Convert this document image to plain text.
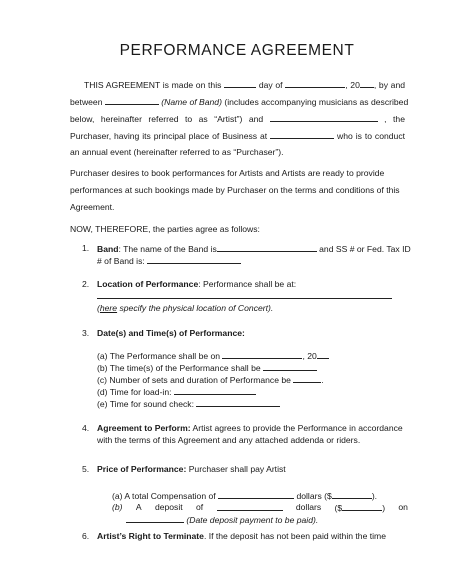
PERFORMANCE AGREEMENT
THIS AGREEMENT is made on this	day of	, 20 , by and
between	(Name of Band) (includes accompanying musicians as described
below, hereinafter referred to as “Artist”) and	, the
Purchaser, having its principal place of Business at	who is to conduct
an annual event (hereinafter referred to as “Purchaser”).
Purchaser desires to book performances for Artists and Artists are ready to provide
performances at such bookings made by Purchaser on the terms and conditions of this
Agreement.
NOW, THEREFORE, the parties agree as follows:
1. Band: The name of the Band is	and SS # or Fed. Tax ID
# of Band is:
2. Location of Performance: Performance shall be at:
(here specify the physical location of Concert).
3. Date(s) and Time(s) of Performance:
(a) The Performance shall be on	, 20
(b) The time(s) of the Performance shall be
(c) Number of sets and duration of Performance be	.
(d) Time for load-in:
(e) Time for sound check:
4. Agreement to Perform: Artist agrees to provide the Performance in accordance
with the terms of this Agreement and any attached addenda or riders.
5. Price of Performance: Purchaser shall pay Artist
(a) A total Compensation of	dollars ($	).
(b) A deposit of	dollars ($	) on
(Date deposit payment to be paid).
6. Artist’s Right to Terminate. If the deposit has not been paid within the time
